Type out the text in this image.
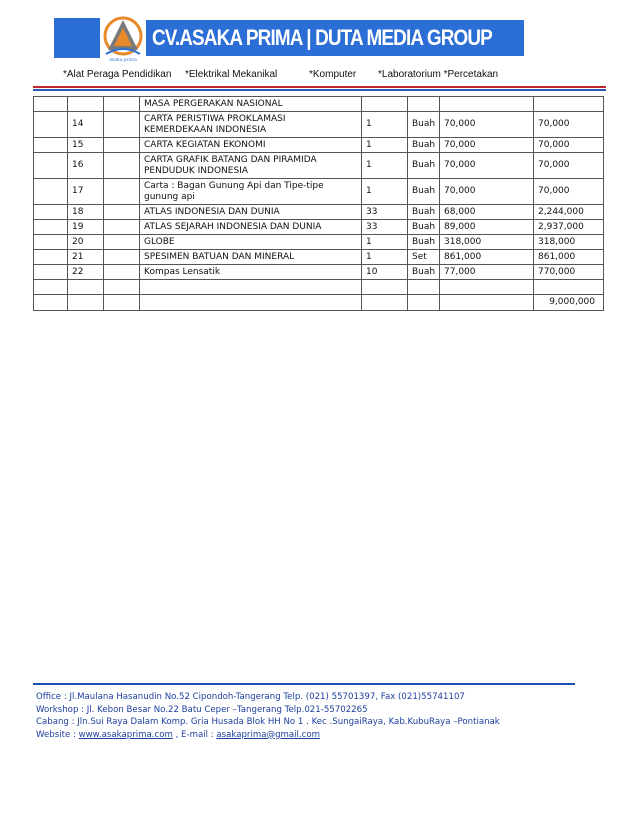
asaka prima
CV.ASAKA PRIMA | DUTA MEDIA GROUP

*Alat Peraga Pendidikan

*Elektrikal Mekanikal

	*Komputer

*Laboratorium *Percetakan

			MASA PERGERAKAN NASIONAL				
	14		CARTA PERISTIWA PROKLAMASI KEMERDEKAAN INDONESIA	1	Buah	70,000	70,000
	15		CARTA KEGIATAN EKONOMI	1	Buah	70,000	70,000
	16		CARTA GRAFIK BATANG DAN PIRAMIDA PENDUDUK INDONESIA	1	Buah	70,000	70,000
	17		Carta : Bagan Gunung Api dan Tipe-tipe gunung api	1	Buah	70,000	70,000
	18		ATLAS INDONESIA DAN DUNIA	33	Buah	68,000	2,244,000
	19		ATLAS SEJARAH INDONESIA DAN DUNIA	33	Buah	89,000	2,937,000
	20		GLOBE	1	Buah	318,000	318,000
	21		SPESIMEN BATUAN DAN MINERAL	1	Set	861,000	861,000
	22		Kompas Lensatik	10	Buah	77,000	770,000

							9,000,000
Office : Jl.Maulana Hasanudin No.52 Cipondoh-Tangerang Telp. (021) 55701397, Fax (021)55741107
Workshop : Jl. Kebon Besar No.22 Batu Ceper –Tangerang Telp.021-55702265
Cabang : Jln.Sui Raya Dalam Komp. Gria Husada Blok HH No 1 . Kec .SungaiRaya, Kab.KubuRaya –Pontianak
Website : www.asakaprima.com , E-mail : asakaprima@gmail.com
